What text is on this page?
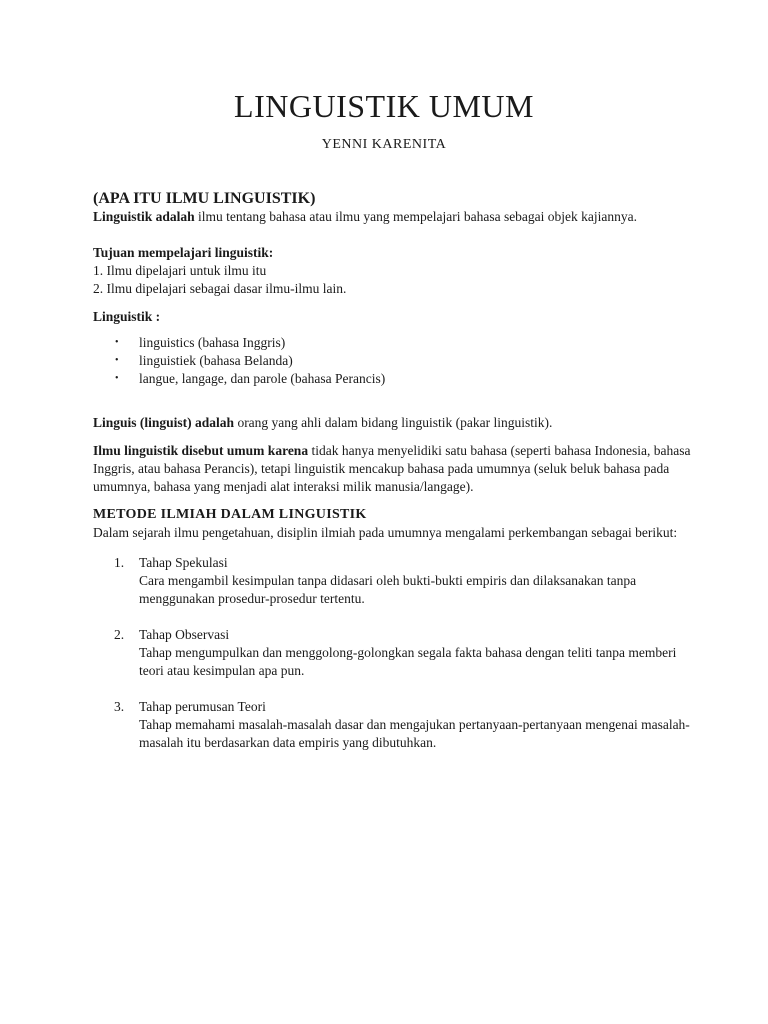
LINGUISTIK UMUM
YENNI KARENITA

(APA ITU ILMU LINGUISTIK)

Linguistik adalah ilmu tentang bahasa atau ilmu yang mempelajari bahasa sebagai objek kajiannya.

Tujuan mempelajari linguistik:

1. Ilmu dipelajari untuk ilmu itu

2. Ilmu dipelajari sebagai dasar ilmu-ilmu lain.

Linguistik :

• linguistics (bahasa Inggris)
• linguistiek (bahasa Belanda)
• langue, langage, dan parole (bahasa Perancis)

Linguis (linguist) adalah orang yang ahli dalam bidang linguistik (pakar linguistik).

Ilmu linguistik disebut umum karena tidak hanya menyelidiki satu bahasa (seperti bahasa Indonesia, bahasa Inggris, atau bahasa Perancis), tetapi linguistik mencakup bahasa pada umumnya (seluk beluk bahasa pada umumnya, bahasa yang menjadi alat interaksi milik manusia/langage).

METODE ILMIAH DALAM LINGUISTIK

Dalam sejarah ilmu pengetahuan, disiplin ilmiah pada umumnya mengalami perkembangan sebagai berikut:

1. Tahap Spekulasi
Cara mengambil kesimpulan tanpa didasari oleh bukti-bukti empiris dan dilaksanakan tanpa menggunakan prosedur-prosedur tertentu.
2. Tahap Observasi
Tahap mengumpulkan dan menggolong-golongkan segala fakta bahasa dengan teliti tanpa memberi teori atau kesimpulan apa pun.
3. Tahap perumusan Teori
Tahap memahami masalah-masalah dasar dan mengajukan pertanyaan-pertanyaan mengenai masalah-masalah itu berdasarkan data empiris yang dibutuhkan.
